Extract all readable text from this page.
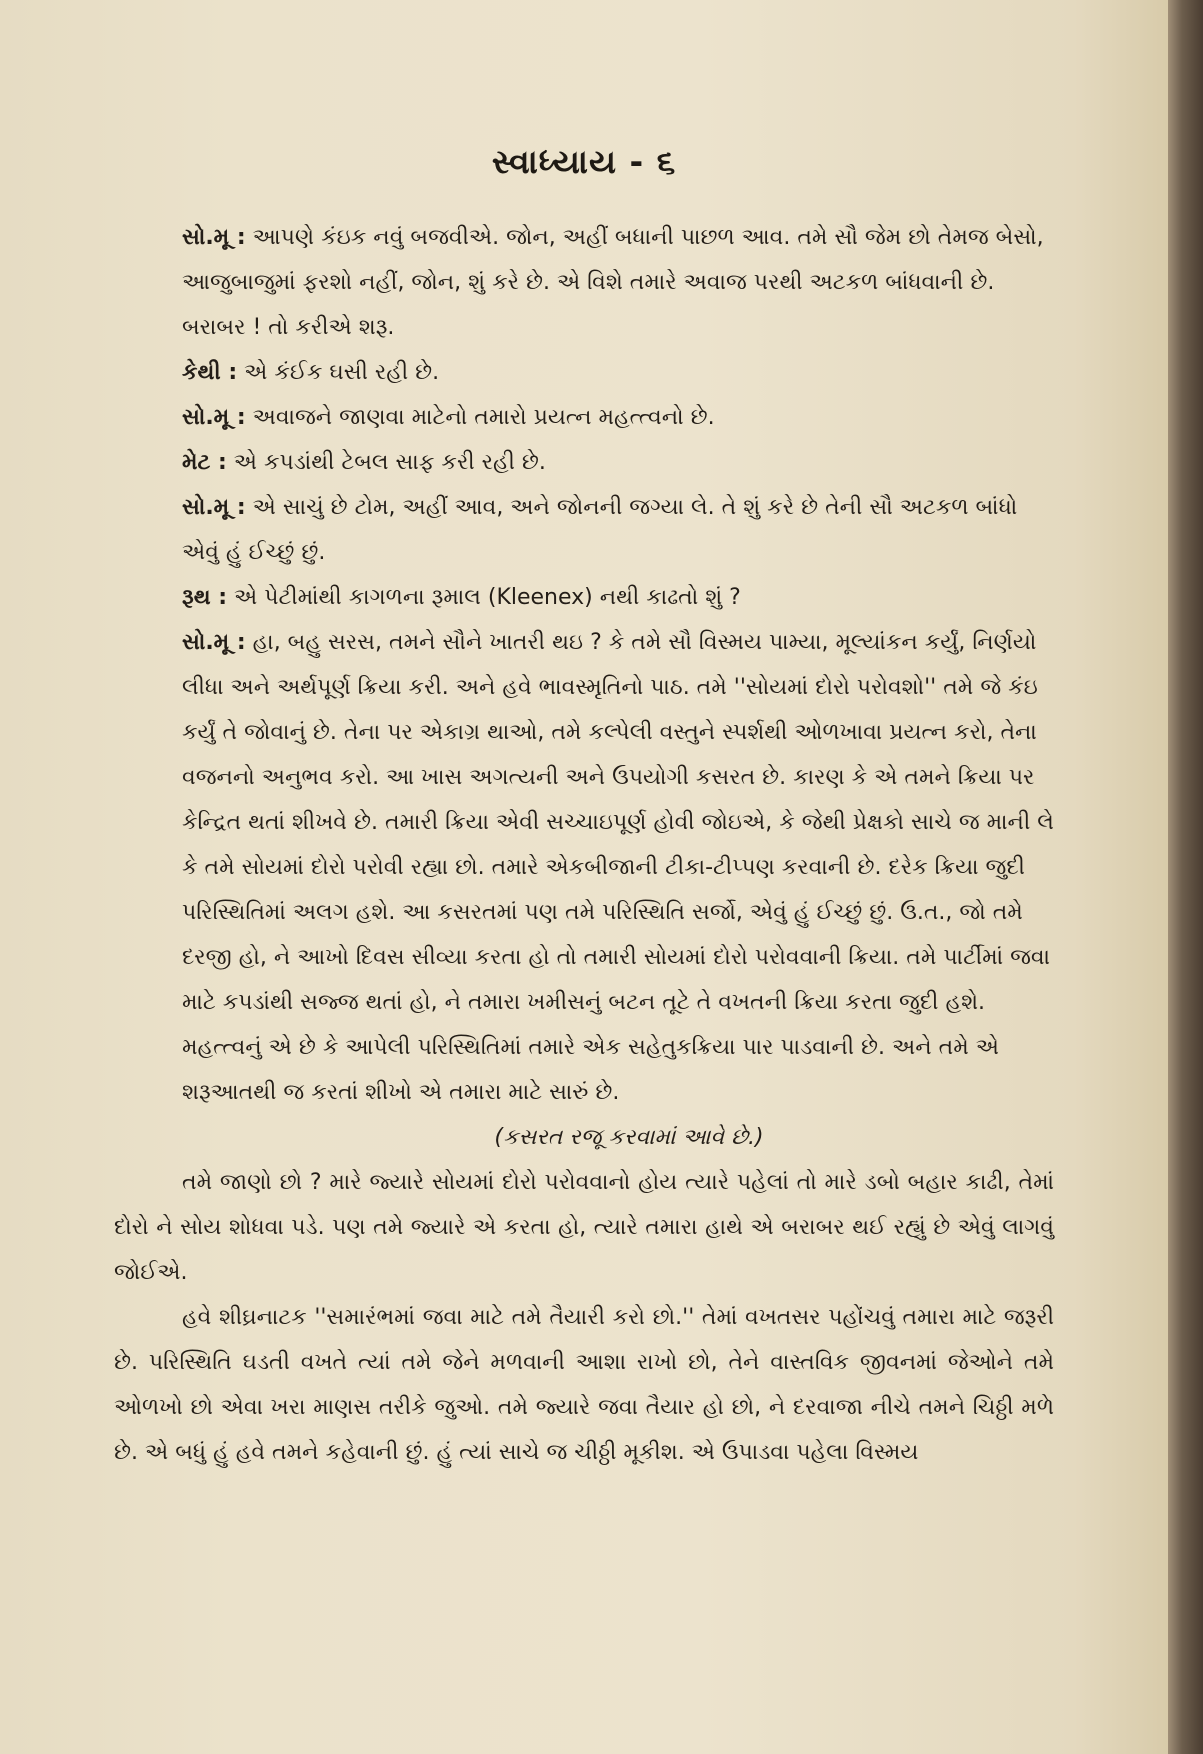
સ્વાધ્યાય - ૬

સો.મૂ : આપણે કંઇક નવું બજવીએ. જોન, અહીં બધાની પાછળ આવ. તમે સૌ જેમ છો તેમજ બેસો, આજુબાજુમાં ફરશો નહીં, જોન, શું કરે છે. એ વિશે તમારે અવાજ પરથી અટકળ બાંધવાની છે. બરાબર ! તો કરીએ શરૂ.

કેથી : એ કંઈક ઘસી રહી છે.

સો.મૂ : અવાજને જાણવા માટેનો તમારો પ્રયત્ન મહત્ત્વનો છે.

મેટ : એ કપડાંથી ટેબલ સાફ કરી રહી છે.

સો.મૂ : એ સાચું છે ટોમ, અહીં આવ, અને જોનની જગ્યા લે. તે શું કરે છે તેની સૌ અટકળ બાંધો એવું હું ઈચ્છું છું.

રૂથ : એ પેટીમાંથી કાગળના રૂમાલ (Kleenex) નથી કાઢતો શું ?

સો.મૂ : હા, બહુ સરસ, તમને સૌને ખાતરી થઇ ? કે તમે સૌ વિસ્મય પામ્યા, મૂલ્યાંકન કર્યું, નિર્ણયો લીધા અને અર્થપૂર્ણ ક્રિયા કરી. અને હવે ભાવસ્મૃતિનો પાઠ. તમે ''સોયમાં દોરો પરોવશો'' તમે જે કંઇ કર્યું તે જોવાનું છે. તેના પર એકાગ્ર થાઓ, તમે કલ્પેલી વસ્તુને સ્પર્શથી ઓળખાવા પ્રયત્ન કરો, તેના વજનનો અનુભવ કરો. આ ખાસ અગત્યની અને ઉપયોગી કસરત છે. કારણ કે એ તમને ક્રિયા પર કેન્દ્રિત થતાં શીખવે છે. તમારી ક્રિયા એવી સચ્ચાઇપૂર્ણ હોવી જોઇએ, કે જેથી પ્રેક્ષકો સાચે જ માની લે કે તમે સોયમાં દોરો પરોવી રહ્યા છો. તમારે એકબીજાની ટીકા-ટીપ્પણ કરવાની છે. દરેક ક્રિયા જુદી પરિસ્થિતિમાં અલગ હશે. આ કસરતમાં પણ તમે પરિસ્થિતિ સર્જો, એવું હું ઈચ્છું છું. ઉ.ત., જો તમે દરજી હો, ને આખો દિવસ સીવ્યા કરતા હો તો તમારી સોયમાં દોરો પરોવવાની ક્રિયા. તમે પાર્ટીમાં જવા માટે કપડાંથી સજ્જ થતાં હો, ને તમારા ખમીસનું બટન તૂટે તે વખતની ક્રિયા કરતા જુદી હશે. મહત્ત્વનું એ છે કે આપેલી પરિસ્થિતિમાં તમારે એક સહેતુકક્રિયા પાર પાડવાની છે. અને તમે એ શરૂઆતથી જ કરતાં શીખો એ તમારા માટે સારું છે.

(કસરત રજૂ કરવામાં આવે છે.)

તમે જાણો છો ? મારે જ્યારે સોયમાં દોરો પરોવવાનો હોય ત્યારે પહેલાં તો મારે ડબો બહાર કાઢી, તેમાં દોરો ને સોય શોધવા પડે. પણ તમે જ્યારે એ કરતા હો, ત્યારે તમારા હાથે એ બરાબર થઈ રહ્યું છે એવું લાગવું જોઈએ.

હવે શીઘ્રનાટક ''સમારંભમાં જવા માટે તમે તૈયારી કરો છો.'' તેમાં વખતસર પહોંચવું તમારા માટે જરૂરી છે. પરિસ્થિતિ ઘડતી વખતે ત્યાં તમે જેને મળવાની આશા રાખો છો, તેને વાસ્તવિક જીવનમાં જેઓને તમે ઓળખો છો એવા ખરા માણસ તરીકે જુઓ. તમે જ્યારે જવા તૈયાર હો છો, ને દરવાજા નીચે તમને ચિઠ્ઠી મળે છે. એ બધું હું હવે તમને કહેવાની છું. હું ત્યાં સાચે જ ચીઠ્ઠી મૂકીશ. એ ઉપાડવા પહેલા વિસ્મય
